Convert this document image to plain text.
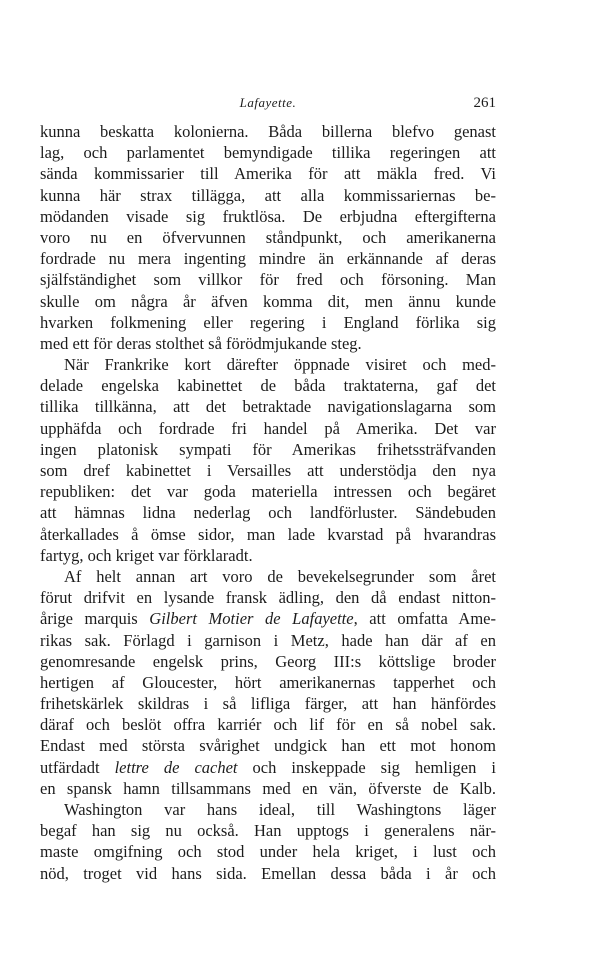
Lafayette.	261
kunna beskatta kolonierna. Båda billerna blefvo genast
lag, och parlamentet bemyndigade tillika regeringen att
sända kommissarier till Amerika för att mäkla fred. Vi
kunna här strax tillägga, att alla kommissariernas be-
mödanden visade sig fruktlösa. De erbjudna eftergifterna
voro nu en öfvervunnen ståndpunkt, och amerikanerna
fordrade nu mera ingenting mindre än erkännande af deras
själfständighet som villkor för fred och försoning. Man
skulle om några år äfven komma dit, men ännu kunde
hvarken folkmening eller regering i England förlika sig
med ett för deras stolthet så förödmjukande steg.
När Frankrike kort därefter öppnade visiret och med-
delade engelska kabinettet de båda traktaterna, gaf det
tillika tillkänna, att det betraktade navigationslagarna som
upphäfda och fordrade fri handel på Amerika. Det var
ingen platonisk sympati för Amerikas frihetssträfvanden
som dref kabinettet i Versailles att understödja den nya
republiken: det var goda materiella intressen och begäret
att hämnas lidna nederlag och landförluster. Sändebuden
återkallades å ömse sidor, man lade kvarstad på hvarandras
fartyg, och kriget var förklaradt.
Af helt annan art voro de bevekelsegrunder som året
förut drifvit en lysande fransk ädling, den då endast nitton-
årige marquis Gilbert Motier de Lafayette, att omfatta Ame-
rikas sak. Förlagd i garnison i Metz, hade han där af en
genomresande engelsk prins, Georg III:s köttslige broder
hertigen af Gloucester, hört amerikanernas tapperhet och
frihetskärlek skildras i så lifliga färger, att han hänfördes
däraf och beslöt offra karriér och lif för en så nobel sak.
Endast med största svårighet undgick han ett mot honom
utfärdadt lettre de cachet och inskeppade sig hemligen i
en spansk hamn tillsammans med en vän, öfverste de Kalb.
Washington var hans ideal, till Washingtons läger
begaf han sig nu också. Han upptogs i generalens när-
maste omgifning och stod under hela kriget, i lust och
nöd, troget vid hans sida. Emellan dessa båda i år och
